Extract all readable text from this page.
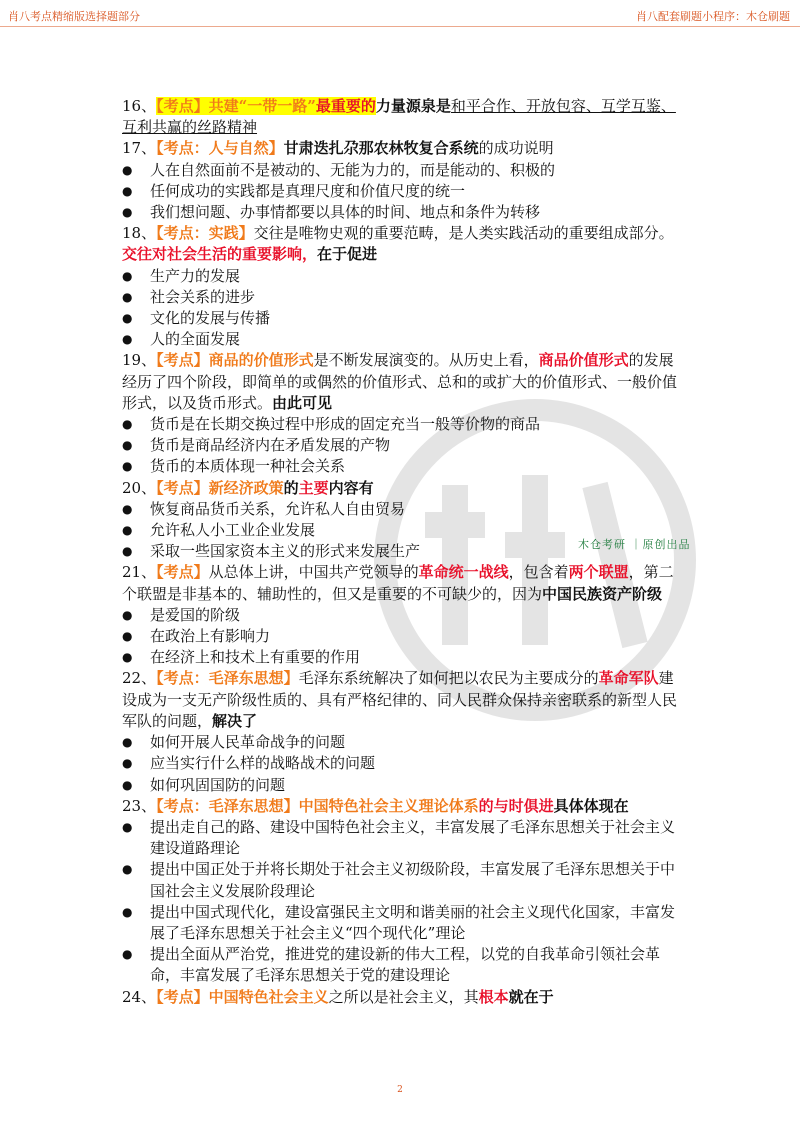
肖八考点精缩版选择题部分	肖八配套刷题小程序：木仓刷题
木仓考研 ｜原创出品

16、【考点】共建“一带一路”最重要的力量源泉是和平合作、开放包容、互学互鉴、互利共赢的丝路精神

17、【考点：人与自然】甘肃迭扎尕那农林牧复合系统的成功说明

● 人在自然面前不是被动的、无能为力的，而是能动的、积极的

● 任何成功的实践都是真理尺度和价值尺度的统一

● 我们想问题、办事情都要以具体的时间、地点和条件为转移

18、【考点：实践】交往是唯物史观的重要范畴，是人类实践活动的重要组成部分。交往对社会生活的重要影响，在于促进

● 生产力的发展

● 社会关系的进步

● 文化的发展与传播

● 人的全面发展

19、【考点】商品的价值形式是不断发展演变的。从历史上看，商品价值形式的发展经历了四个阶段，即简单的或偶然的价值形式、总和的或扩大的价值形式、一般价值形式，以及货币形式。由此可见

● 货币是在长期交换过程中形成的固定充当一般等价物的商品

● 货币是商品经济内在矛盾发展的产物

● 货币的本质体现一种社会关系

20、【考点】新经济政策的主要内容有

● 恢复商品货币关系，允许私人自由贸易

● 允许私人小工业企业发展

● 采取一些国家资本主义的形式来发展生产

21、【考点】从总体上讲，中国共产党领导的革命统一战线，包含着两个联盟，第二个联盟是非基本的、辅助性的，但又是重要的不可缺少的，因为中国民族资产阶级

● 是爱国的阶级

● 在政治上有影响力

● 在经济上和技术上有重要的作用

22、【考点：毛泽东思想】毛泽东系统解决了如何把以农民为主要成分的革命军队建设成为一支无产阶级性质的、具有严格纪律的、同人民群众保持亲密联系的新型人民军队的问题，解决了

● 如何开展人民革命战争的问题

● 应当实行什么样的战略战术的问题

● 如何巩固国防的问题

23、【考点：毛泽东思想】中国特色社会主义理论体系的与时俱进具体体现在

● 提出走自己的路、建设中国特色社会主义，丰富发展了毛泽东思想关于社会主义建设道路理论

● 提出中国正处于并将长期处于社会主义初级阶段，丰富发展了毛泽东思想关于中国社会主义发展阶段理论

● 提出中国式现代化，建设富强民主文明和谐美丽的社会主义现代化国家，丰富发展了毛泽东思想关于社会主义“四个现代化”理论

● 提出全面从严治党，推进党的建设新的伟大工程，以党的自我革命引领社会革命，丰富发展了毛泽东思想关于党的建设理论

24、【考点】中国特色社会主义之所以是社会主义，其根本就在于

2
